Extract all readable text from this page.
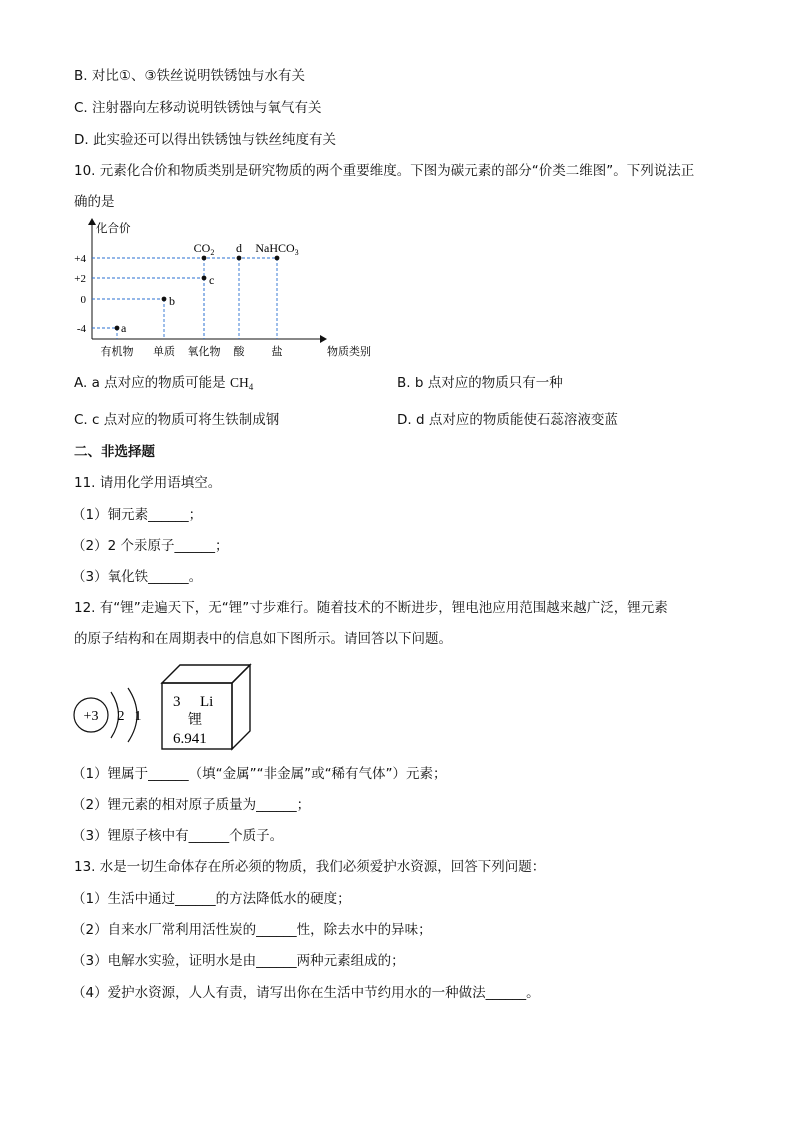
B. 对比①、③铁丝说明铁锈蚀与水有关
C. 注射器向左移动说明铁锈蚀与氧气有关
D. 此实验还可以得出铁锈蚀与铁丝纯度有关
10. 元素化合价和物质类别是研究物质的两个重要维度。下图为碳元素的部分“价类二维图”。下列说法正
确的是
化合价
物质类别
+4
+2
0
-4
有机物 单质 氧化物 酸 盐
a
b
c
$CO_2$ d NaHCO$_3$
A. a 点对应的物质可能是 $CH_4$	B. b 点对应的物质只有一种
C. c 点对应的物质可将生铁制成钢	D. d 点对应的物质能使石蕊溶液变蓝
二、非选择题
11. 请用化学用语填空。
（1）铜元素______；
（2）2 个汞原子______；
（3）氧化铁______。
12. 有“锂”走遍天下，无“锂”寸步难行。随着技术的不断进步，锂电池应用范围越来越广泛，锂元素
的原子结构和在周期表中的信息如下图所示。请回答以下问题。
+3 2 1
3 Li
锂
6.941
（1）锂属于______（填“金属”“非金属”或“稀有气体”）元素；
（2）锂元素的相对原子质量为______；
（3）锂原子核中有______个质子。
13. 水是一切生命体存在所必须的物质，我们必须爱护水资源，回答下列问题：
（1）生活中通过______的方法降低水的硬度；
（2）自来水厂常利用活性炭的______性，除去水中的异味；
（3）电解水实验，证明水是由______两种元素组成的；
（4）爱护水资源，人人有责，请写出你在生活中节约用水的一种做法______。
